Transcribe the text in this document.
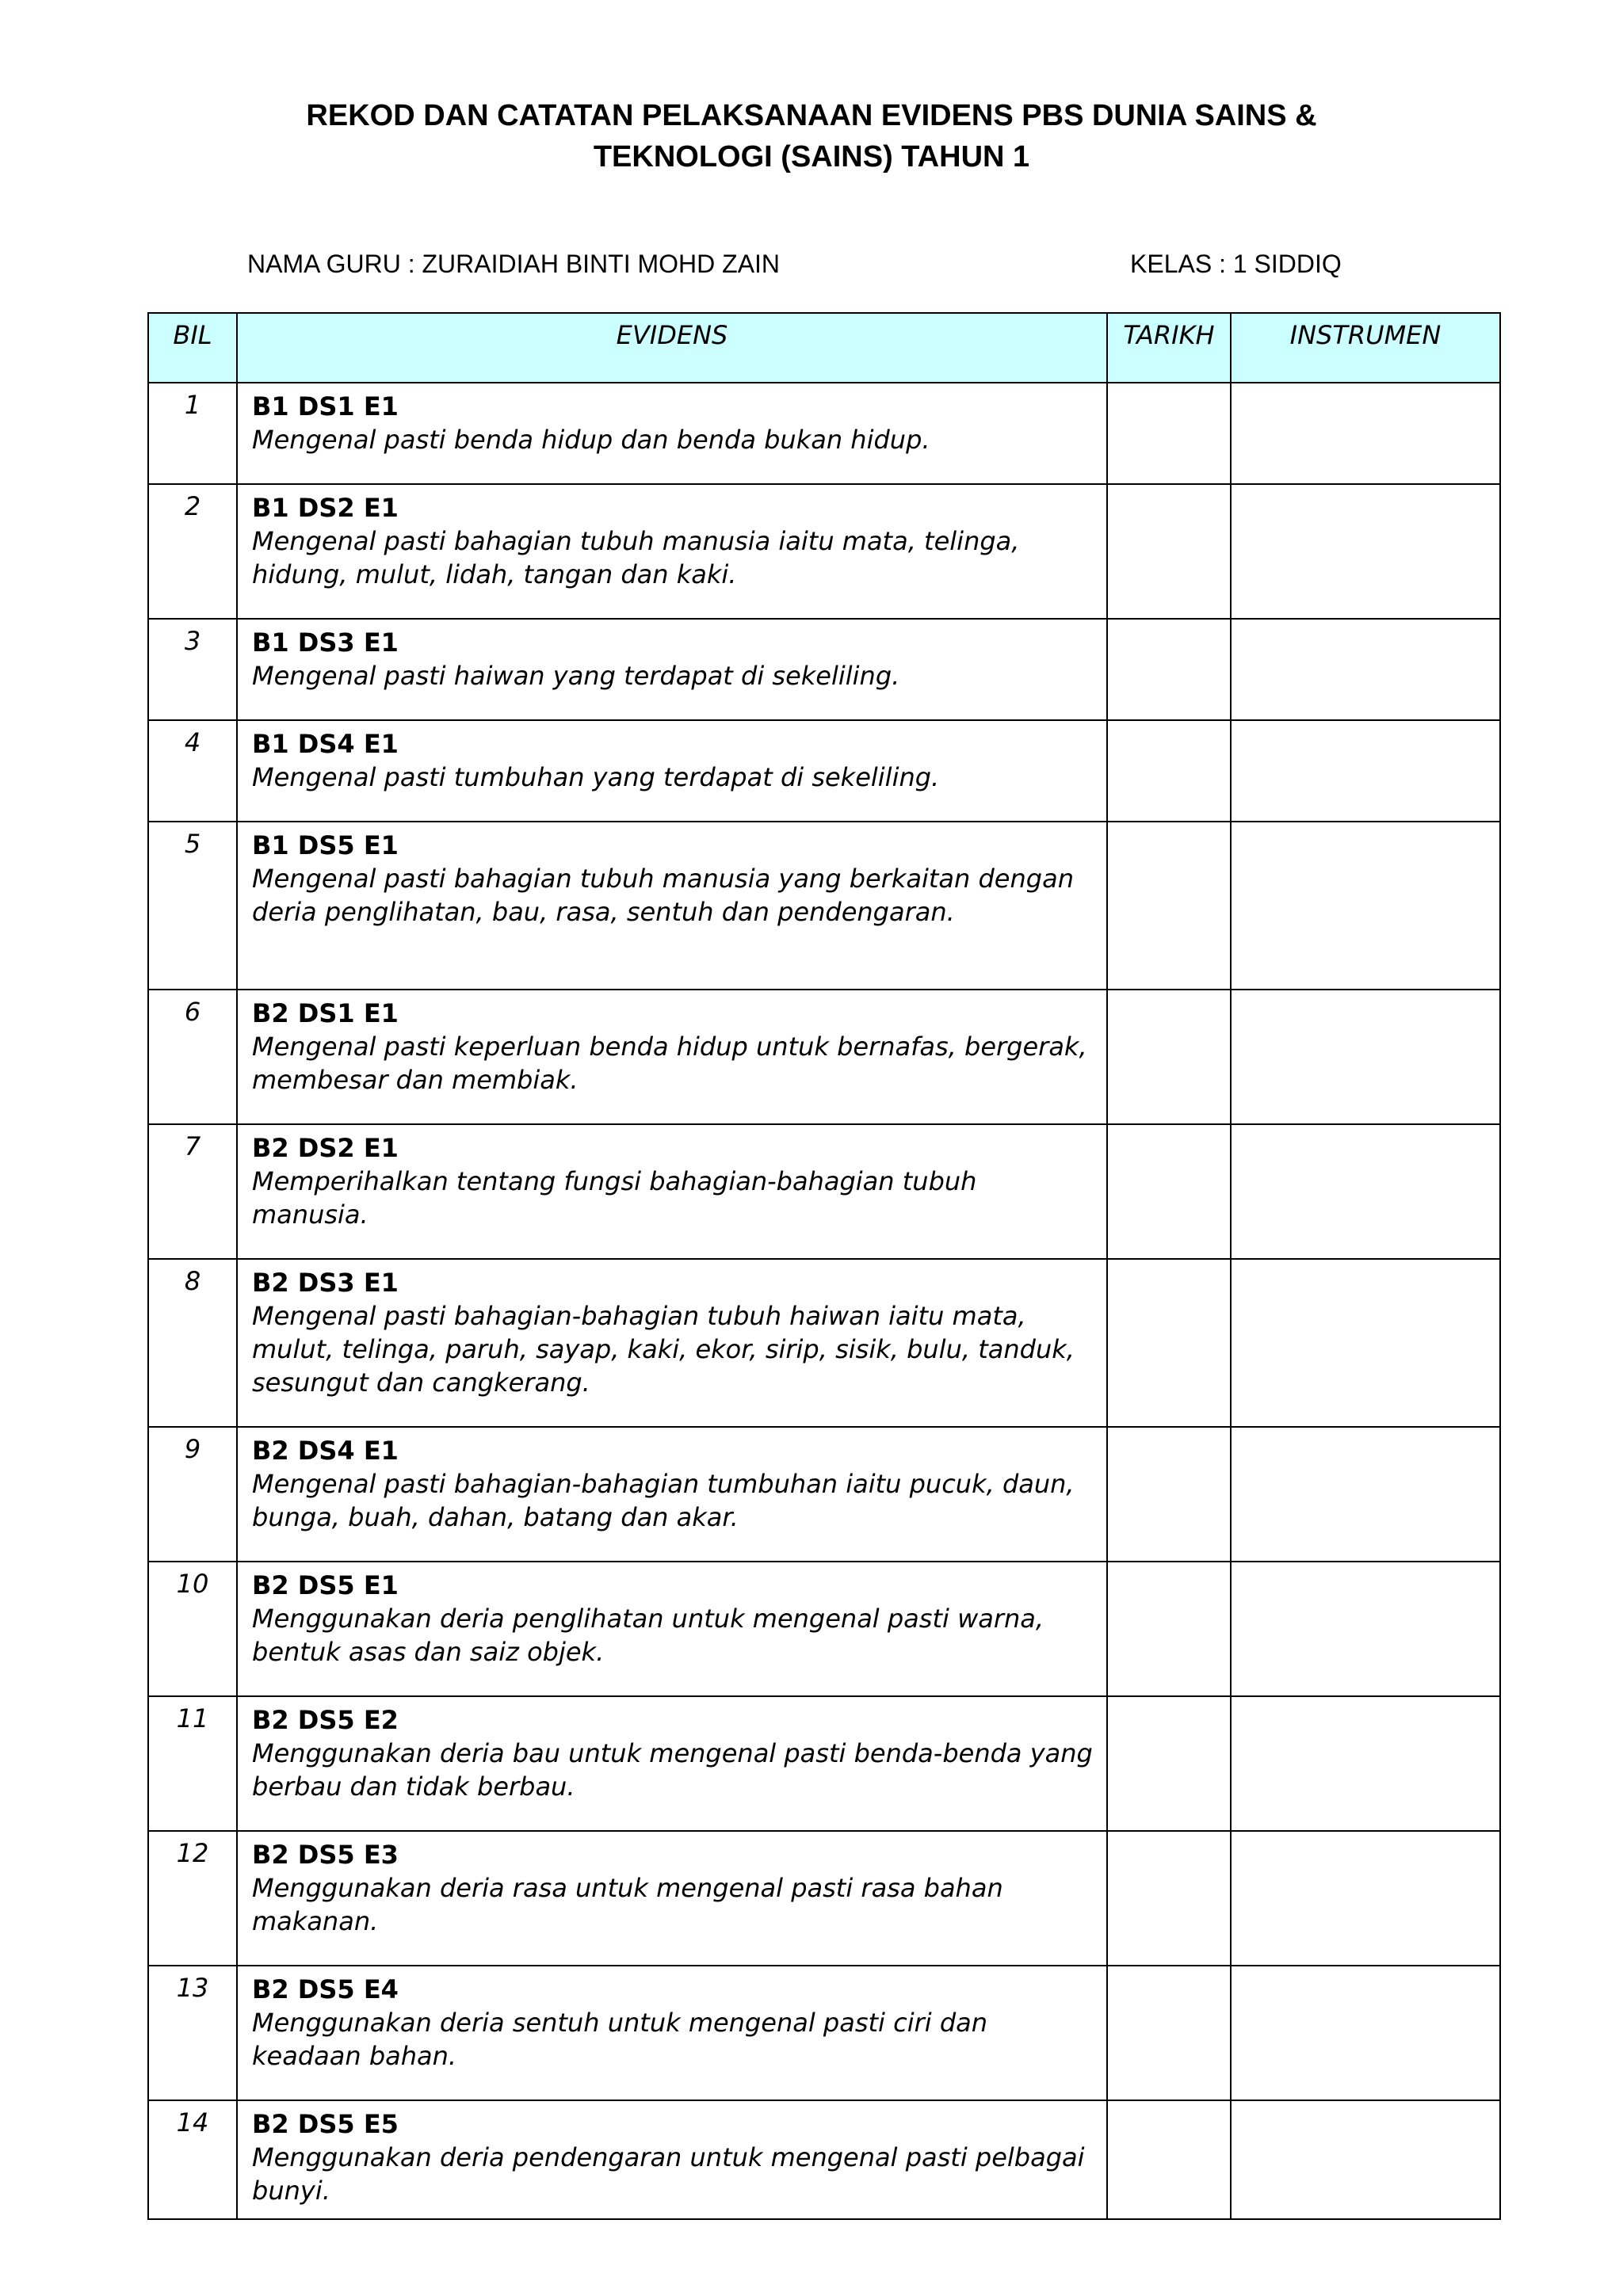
REKOD DAN CATATAN PELAKSANAAN EVIDENS PBS DUNIA SAINS &
TEKNOLOGI (SAINS) TAHUN 1
NAMA GURU : ZURAIDIAH BINTI MOHD ZAIN	KELAS : 1 SIDDIQ
BIL	EVIDENS	TARIKH	INSTRUMEN
1	B1 DS1 E1
Mengenal pasti benda hidup dan benda bukan hidup.		

2	B1 DS2 E1
Mengenal pasti bahagian tubuh manusia iaitu mata, telinga, hidung, mulut, lidah, tangan dan kaki.		

3	B1 DS3 E1
Mengenal pasti haiwan yang terdapat di sekeliling.		

4	B1 DS4 E1
Mengenal pasti tumbuhan yang terdapat di sekeliling.		

5	B1 DS5 E1
Mengenal pasti bahagian tubuh manusia yang berkaitan dengan deria penglihatan, bau, rasa, sentuh dan pendengaran.		

6	B2 DS1 E1
Mengenal pasti keperluan benda hidup untuk bernafas, bergerak, membesar dan membiak.		

7	B2 DS2 E1
Memperihalkan tentang fungsi bahagian-bahagian tubuh manusia.		

8	B2 DS3 E1
Mengenal pasti bahagian-bahagian tubuh haiwan iaitu mata, mulut, telinga, paruh, sayap, kaki, ekor, sirip, sisik, bulu, tanduk, sesungut dan cangkerang.		

9	B2 DS4 E1
Mengenal pasti bahagian-bahagian tumbuhan iaitu pucuk, daun, bunga, buah, dahan, batang dan akar.		

10	B2 DS5 E1
Menggunakan deria penglihatan untuk mengenal pasti warna, bentuk asas dan saiz objek.		

11	B2 DS5 E2
Menggunakan deria bau untuk mengenal pasti benda-benda yang berbau dan tidak berbau.		

12	B2 DS5 E3
Menggunakan deria rasa untuk mengenal pasti rasa bahan makanan.		

13	B2 DS5 E4
Menggunakan deria sentuh untuk mengenal pasti ciri dan keadaan bahan.		

14	B2 DS5 E5
Menggunakan deria pendengaran untuk mengenal pasti pelbagai bunyi.		
